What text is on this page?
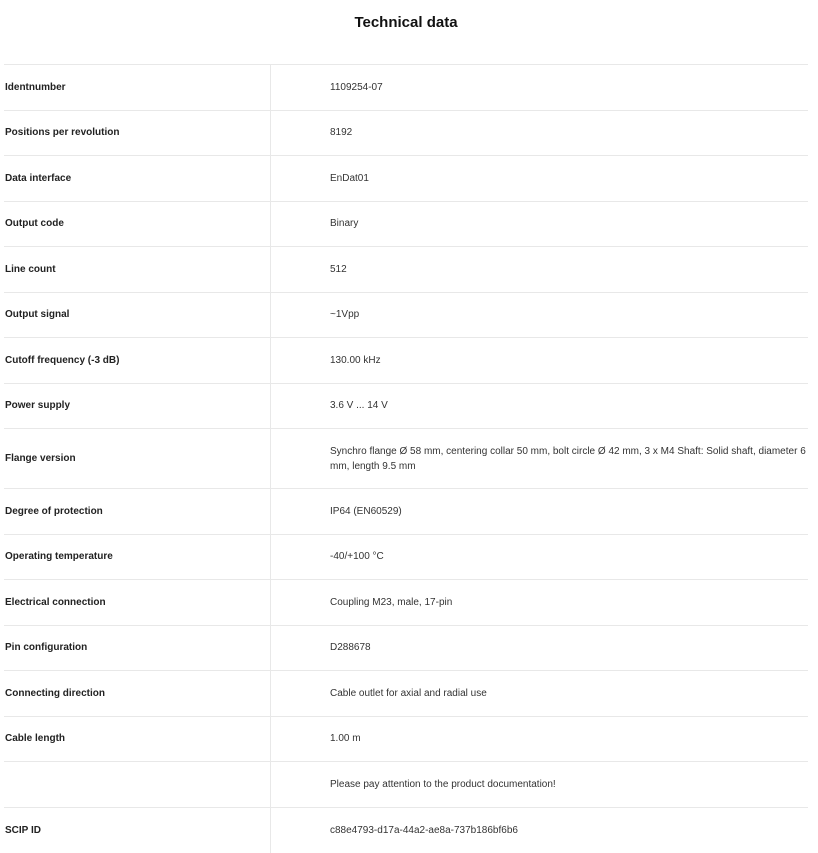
Technical data
Identnumber	1109254-07
Positions per revolution	8192
Data interface	EnDat01
Output code	Binary
Line count	512
Output signal	~1Vpp
Cutoff frequency (-3 dB)	130.00 kHz
Power supply	3.6 V ... 14 V
Flange version	Synchro flange Ø 58 mm, centering collar 50 mm, bolt circle Ø 42 mm, 3 x M4 Shaft: Solid shaft, diameter 6 mm, length 9.5 mm
Degree of protection	IP64 (EN60529)
Operating temperature	-40/+100 °C
Electrical connection	Coupling M23, male, 17-pin
Pin configuration	D288678
Connecting direction	Cable outlet for axial and radial use
Cable length	1.00 m
	Please pay attention to the product documentation!
SCIP ID	c88e4793-d17a-44a2-ae8a-737b186bf6b6
